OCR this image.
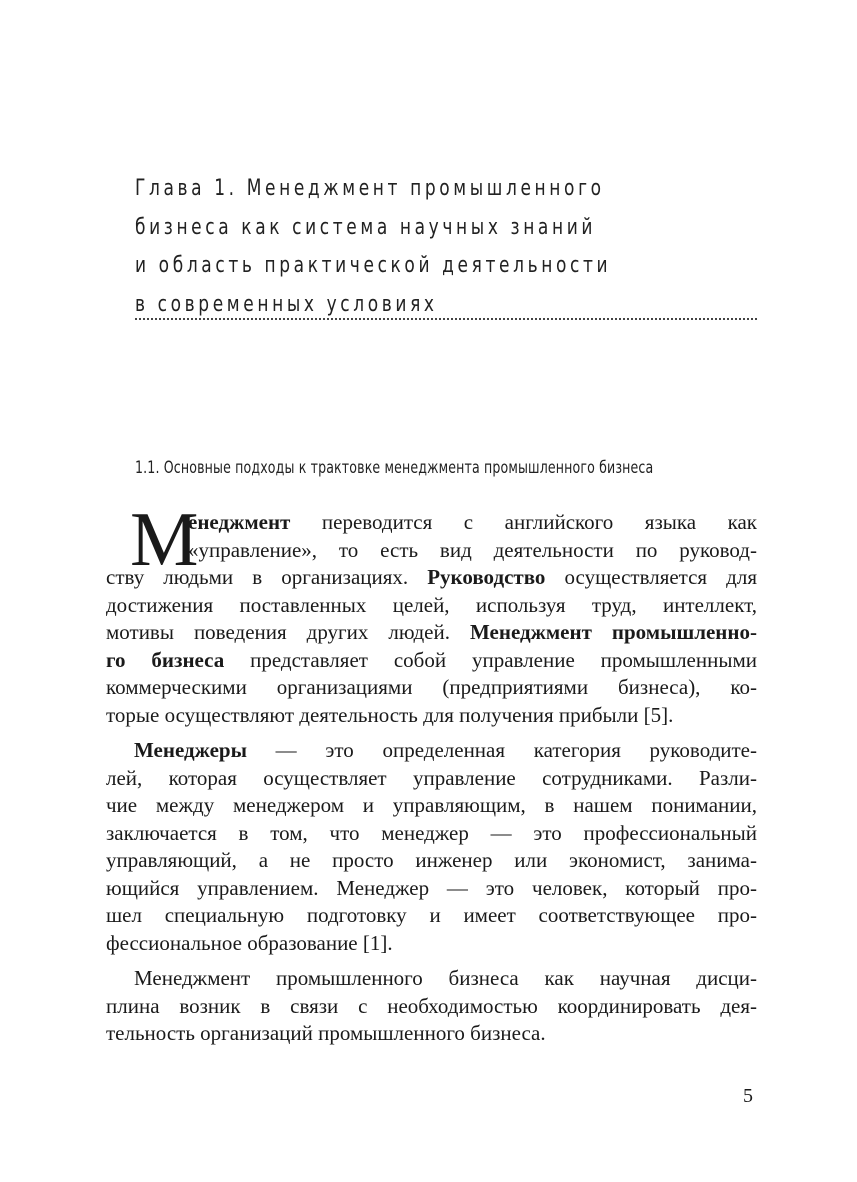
Глава 1. Менеджмент промышленного
бизнеса как система научных знаний
и область практической деятельности
в современных условиях
1.1. Основные подходы к трактовке менеджмента промышленного бизнеса
М
енеджмент переводится с английского языка как
«управление», то есть вид деятельности по руковод-
ству людьми в организациях. Руководство осуществляется для
достижения поставленных целей, используя труд, интеллект,
мотивы поведения других людей. Менеджмент промышленно-
го бизнеса представляет собой управление промышленными
коммерческими организациями (предприятиями бизнеса), ко-
торые осуществляют деятельность для получения прибыли [5].
Менеджеры — это определенная категория руководите-
лей, которая осуществляет управление сотрудниками. Разли-
чие между менеджером и управляющим, в нашем понимании,
заключается в том, что менеджер — это профессиональный
управляющий, а не просто инженер или экономист, занима-
ющийся управлением. Менеджер — это человек, который про-
шел специальную подготовку и имеет соответствующее про-
фессиональное образование [1].
Менеджмент промышленного бизнеса как научная дисци-
плина возник в связи с необходимостью координировать дея-
тельность организаций промышленного бизнеса.
5
